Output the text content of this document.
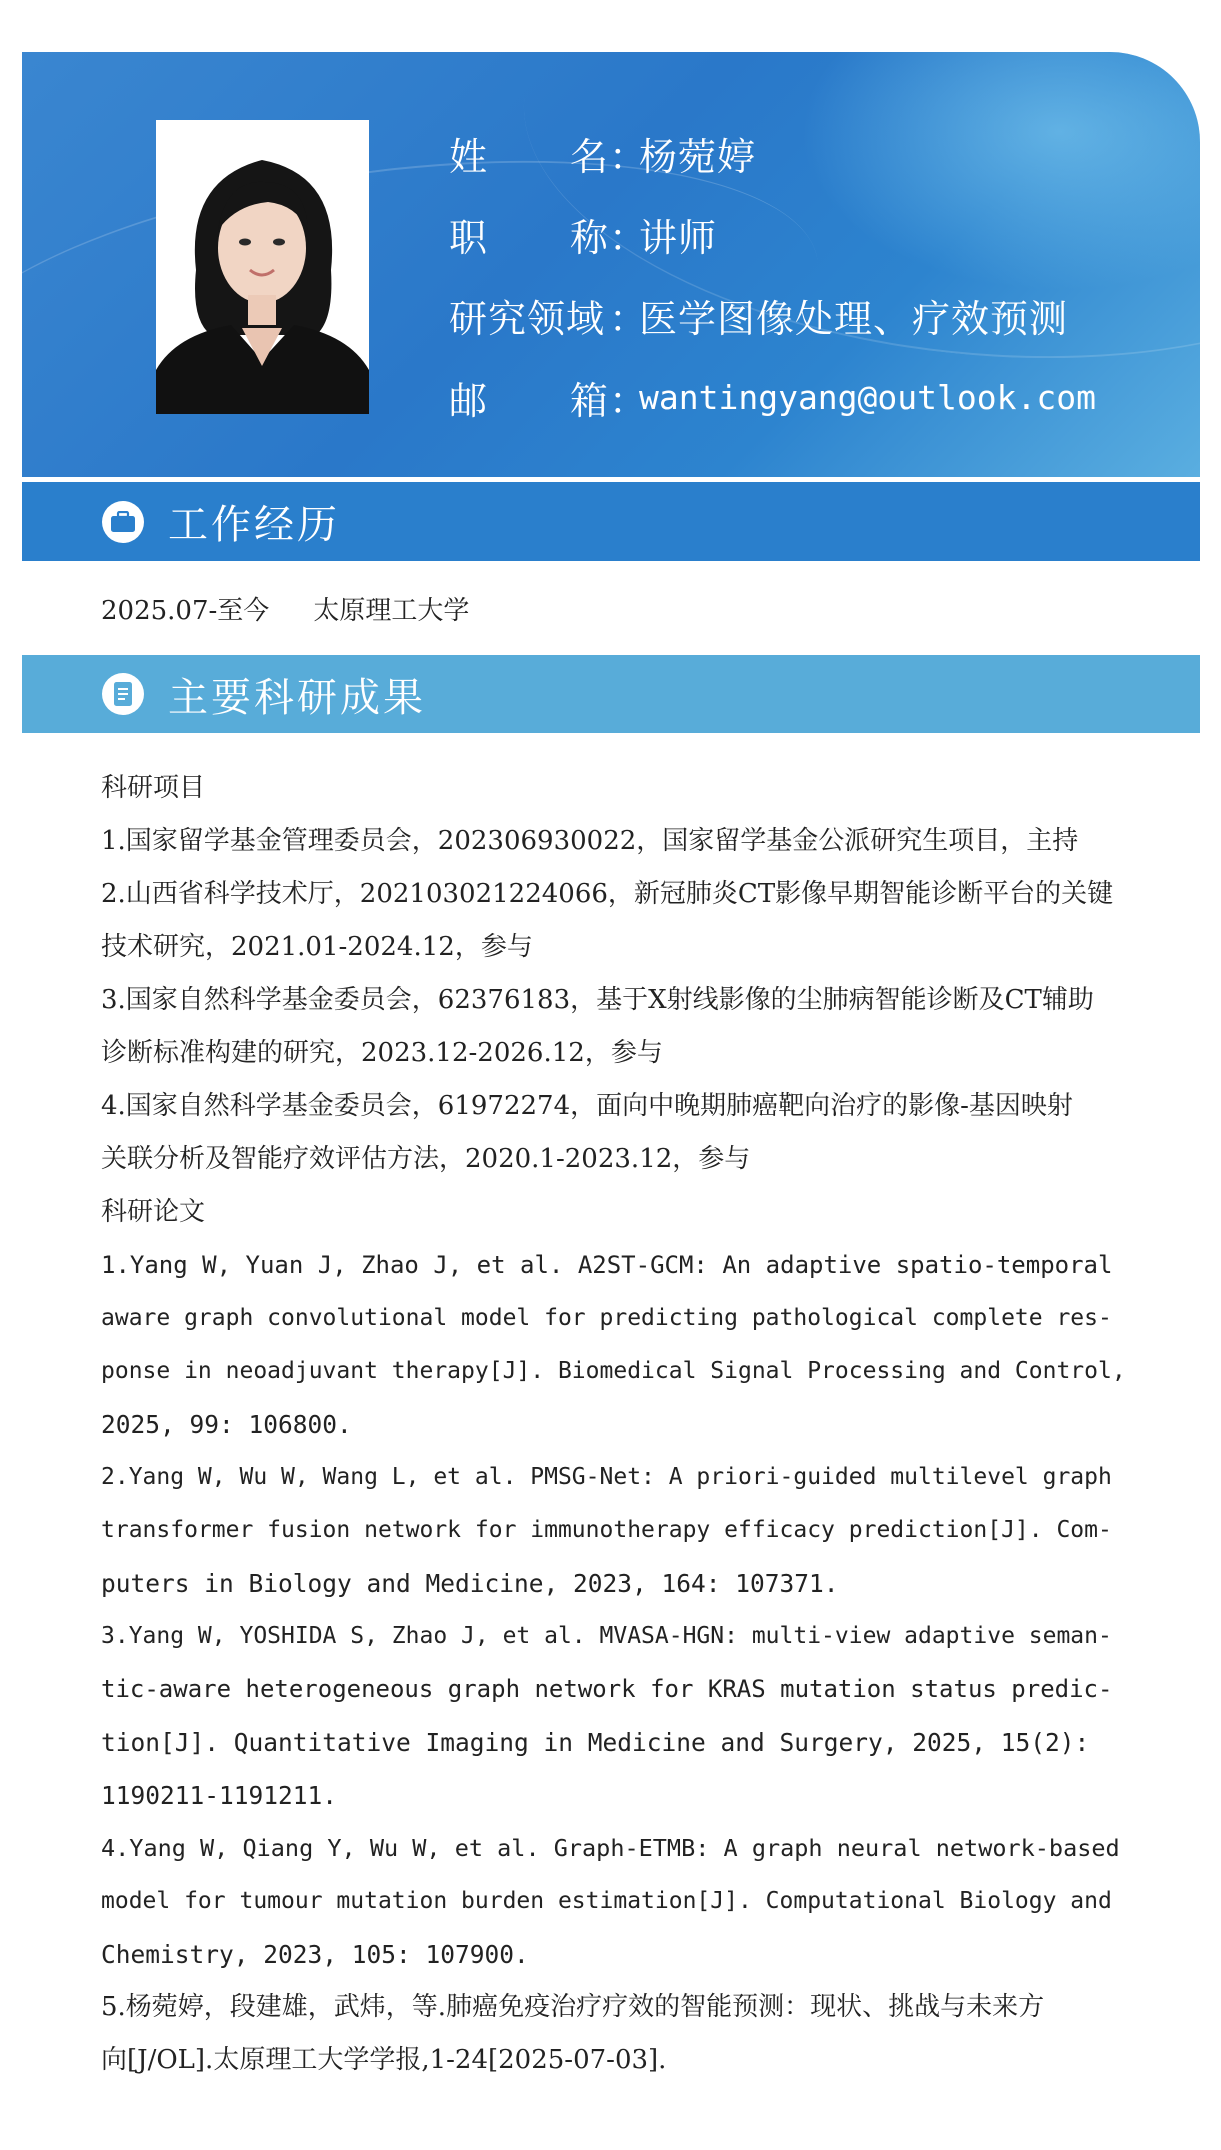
姓 名 ：
杨菀婷
职 称 ：
讲师
研究领域 ：
医学图像处理、疗效预测
邮 箱 ：
wantingyang@outlook.com
工作经历
2025.07-至今 太原理工大学
主要科研成果
科研项目
1.国家留学基金管理委员会，202306930022，国家留学基金公派研究生项目，主持
2.山西省科学技术厅，202103021224066，新冠肺炎CT影像早期智能诊断平台的关键
技术研究，2021.01-2024.12，参与
3.国家自然科学基金委员会，62376183，基于X射线影像的尘肺病智能诊断及CT辅助
诊断标准构建的研究，2023.12-2026.12，参与
4.国家自然科学基金委员会，61972274，面向中晚期肺癌靶向治疗的影像-基因映射
关联分析及智能疗效评估方法，2020.1-2023.12，参与
科研论文
1.Yang W, Yuan J, Zhao J, et al. A2ST-GCM: An adaptive spatio-temporal
aware graph convolutional model for predicting pathological complete res-
ponse in neoadjuvant therapy[J]. Biomedical Signal Processing and Control,
2025, 99: 106800.
2.Yang W, Wu W, Wang L, et al. PMSG-Net: A priori-guided multilevel graph
transformer fusion network for immunotherapy efficacy prediction[J]. Com-
puters in Biology and Medicine, 2023, 164: 107371.
3.Yang W, YOSHIDA S, Zhao J, et al. MVASA-HGN: multi-view adaptive seman-
tic-aware heterogeneous graph network for KRAS mutation status predic-
tion[J]. Quantitative Imaging in Medicine and Surgery, 2025, 15(2):
1190211-1191211.
4.Yang W, Qiang Y, Wu W, et al. Graph-ETMB: A graph neural network-based
model for tumour mutation burden estimation[J]. Computational Biology and
Chemistry, 2023, 105: 107900.
5.杨菀婷，段建雄，武炜，等.肺癌免疫治疗疗效的智能预测：现状、挑战与未来方
向[J/OL].太原理工大学学报,1-24[2025-07-03].
